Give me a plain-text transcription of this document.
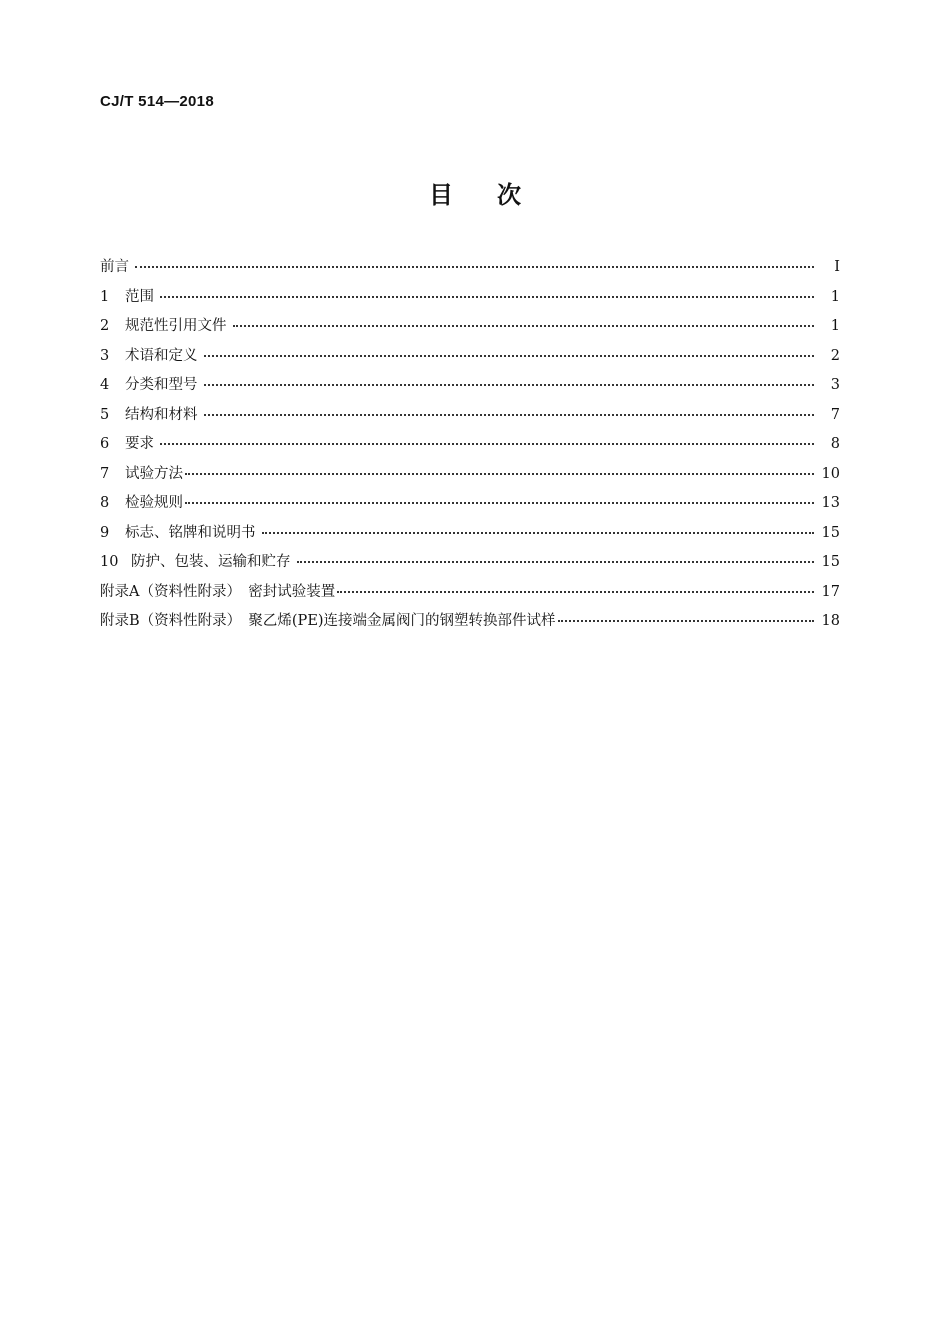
CJ/T 514—2018
目次
前言	Ⅰ
1	范围	1
2	规范性引用文件	1
3	术语和定义	2
4	分类和型号	3
5	结构和材料	7
6	要求	8
7	试验方法	10
8	检验规则	13
9	标志、铭牌和说明书	15
10 防护、包装、运输和贮存	15
附录A（资料性附录）　密封试验装置	17
附录B（资料性附录）　聚乙烯(PE)连接端金属阀门的钢塑转换部件试样	18
